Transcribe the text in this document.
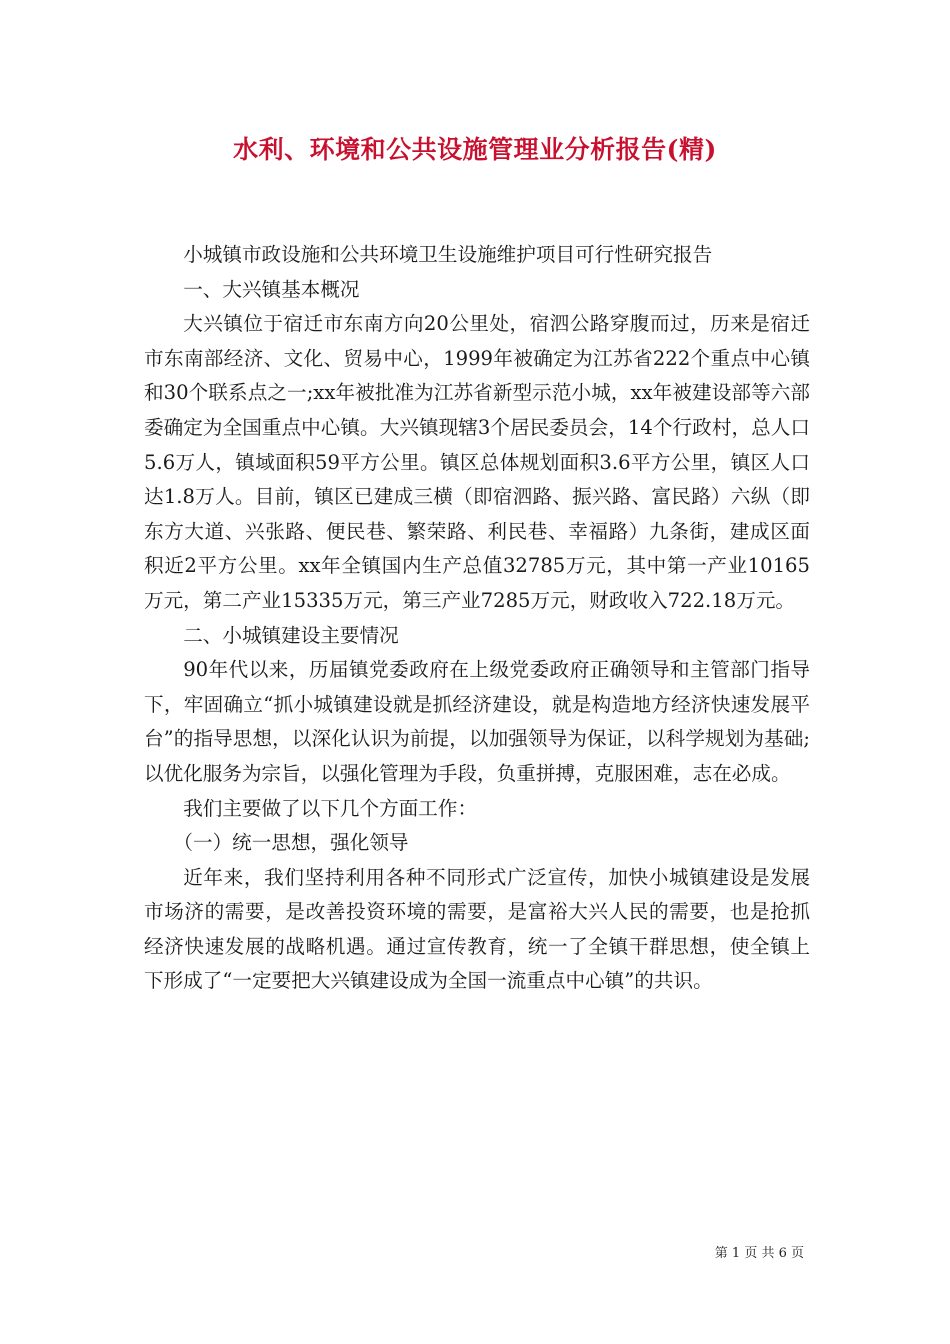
水利、环境和公共设施管理业分析报告(精)

小城镇市政设施和公共环境卫生设施维护项目可行性研究报告

一、大兴镇基本概况

大兴镇位于宿迁市东南方向20公里处，宿泗公路穿腹而过，历来是宿迁市东南部经济、文化、贸易中心，1999年被确定为江苏省222个重点中心镇和30个联系点之一;xx年被批准为江苏省新型示范小城，xx年被建设部等六部委确定为全国重点中心镇。大兴镇现辖3个居民委员会，14个行政村，总人口5.6万人，镇域面积59平方公里。镇区总体规划面积3.6平方公里，镇区人口达1.8万人。目前，镇区已建成三横（即宿泗路、振兴路、富民路）六纵（即东方大道、兴张路、便民巷、繁荣路、利民巷、幸福路）九条街，建成区面积近2平方公里。xx年全镇国内生产总值32785万元，其中第一产业10165万元，第二产业15335万元，第三产业7285万元，财政收入722.18万元。

二、小城镇建设主要情况

90年代以来，历届镇党委政府在上级党委政府正确领导和主管部门指导下，牢固确立“抓小城镇建设就是抓经济建设，就是构造地方经济快速发展平台”的指导思想，以深化认识为前提，以加强领导为保证，以科学规划为基础;以优化服务为宗旨，以强化管理为手段，负重拼搏，克服困难，志在必成。

我们主要做了以下几个方面工作：

（一）统一思想，强化领导

近年来，我们坚持利用各种不同形式广泛宣传，加快小城镇建设是发展市场济的需要，是改善投资环境的需要，是富裕大兴人民的需要，也是抢抓经济快速发展的战略机遇。通过宣传教育，统一了全镇干群思想，使全镇上下形成了“一定要把大兴镇建设成为全国一流重点中心镇”的共识。

第 1 页 共 6 页
